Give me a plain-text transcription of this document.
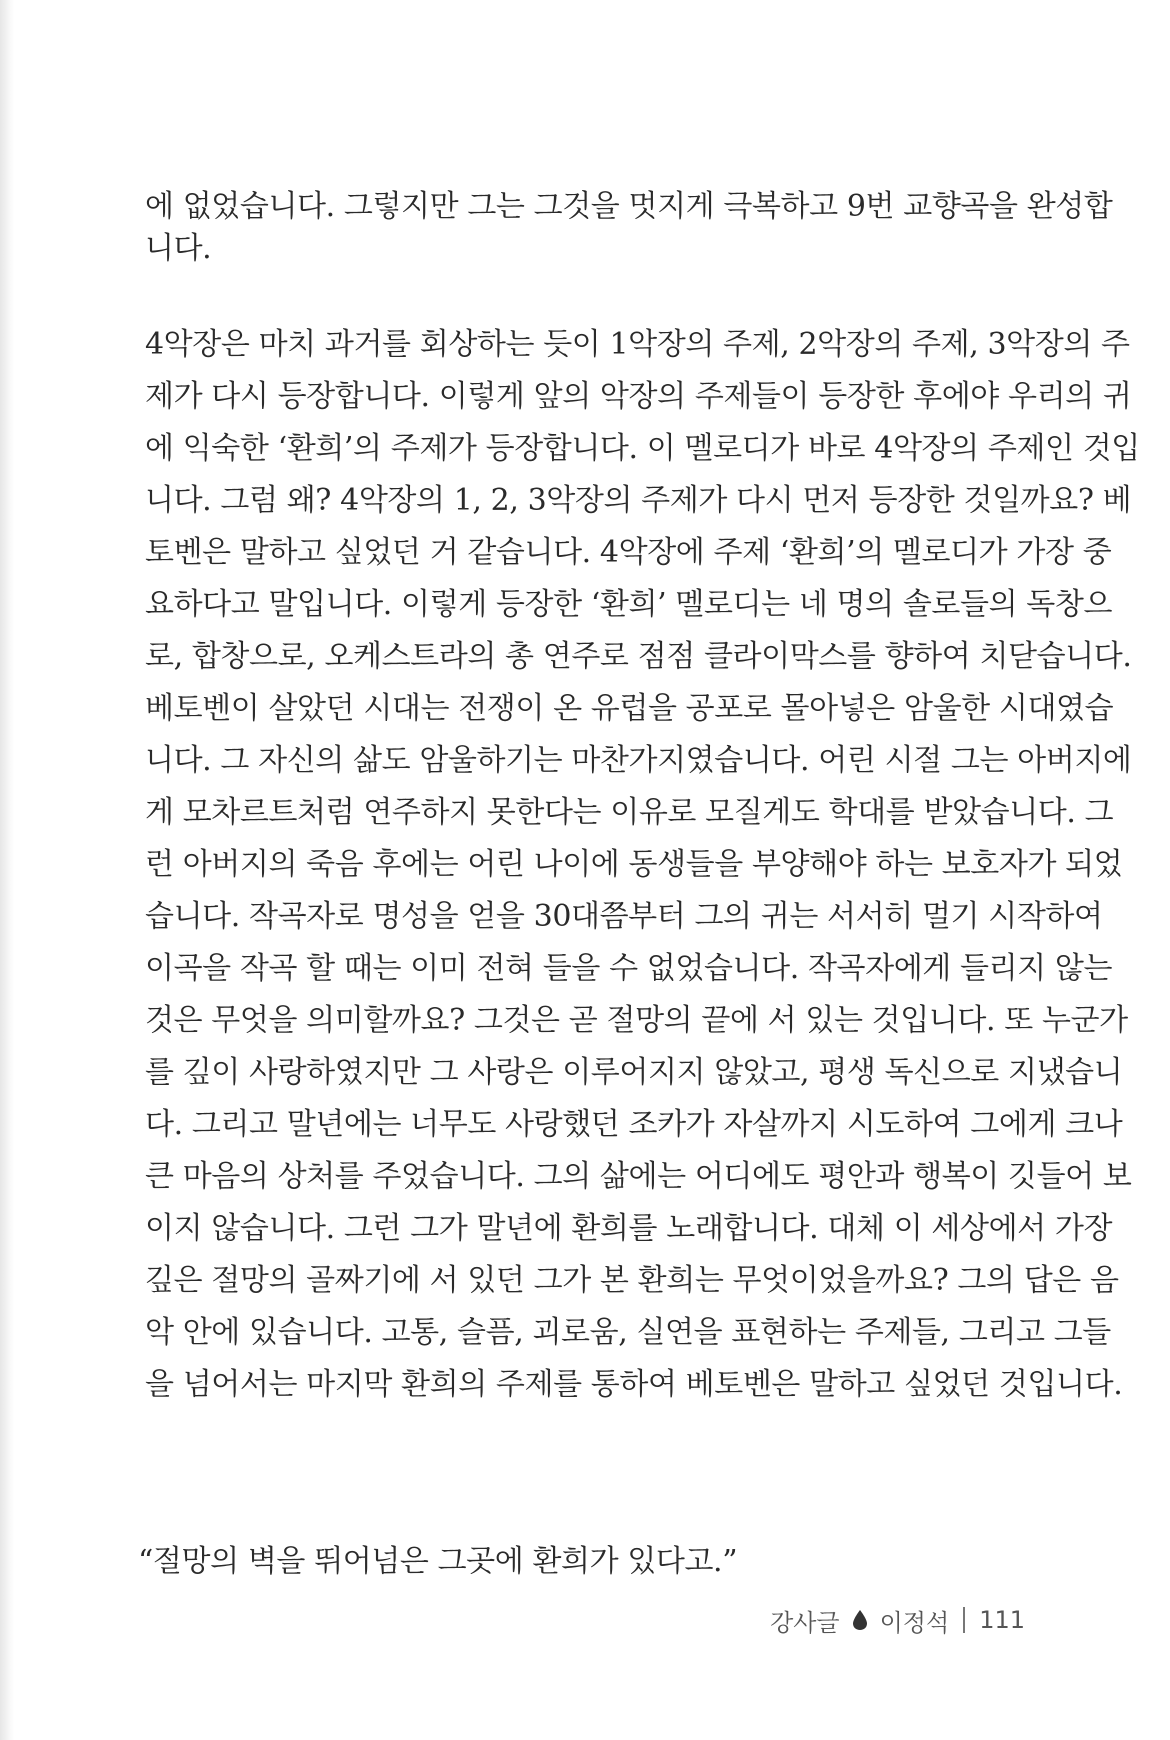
에 없었습니다. 그렇지만 그는 그것을 멋지게 극복하고 9번 교향곡을 완성합

니다.

4악장은 마치 과거를 회상하는 듯이 1악장의 주제, 2악장의 주제, 3악장의 주

제가 다시 등장합니다. 이렇게 앞의 악장의 주제들이 등장한 후에야 우리의 귀

에 익숙한 ‘환희’의 주제가 등장합니다. 이 멜로디가 바로 4악장의 주제인 것입

니다. 그럼 왜? 4악장의 1, 2, 3악장의 주제가 다시 먼저 등장한 것일까요? 베

토벤은 말하고 싶었던 거 같습니다. 4악장에 주제 ‘환희’의 멜로디가 가장 중

요하다고 말입니다. 이렇게 등장한 ‘환희’ 멜로디는 네 명의 솔로들의 독창으

로, 합창으로, 오케스트라의 총 연주로 점점 클라이막스를 향하여 치닫습니다.

베토벤이 살았던 시대는 전쟁이 온 유럽을 공포로 몰아넣은 암울한 시대였습

니다. 그 자신의 삶도 암울하기는 마찬가지였습니다. 어린 시절 그는 아버지에

게 모차르트처럼 연주하지 못한다는 이유로 모질게도 학대를 받았습니다. 그

런 아버지의 죽음 후에는 어린 나이에 동생들을 부양해야 하는 보호자가 되었

습니다. 작곡자로 명성을 얻을 30대쯤부터 그의 귀는 서서히 멀기 시작하여

이곡을 작곡 할 때는 이미 전혀 들을 수 없었습니다. 작곡자에게 들리지 않는

것은 무엇을 의미할까요? 그것은 곧 절망의 끝에 서 있는 것입니다. 또 누군가

를 깊이 사랑하였지만 그 사랑은 이루어지지 않았고, 평생 독신으로 지냈습니

다. 그리고 말년에는 너무도 사랑했던 조카가 자살까지 시도하여 그에게 크나

큰 마음의 상처를 주었습니다. 그의 삶에는 어디에도 평안과 행복이 깃들어 보

이지 않습니다. 그런 그가 말년에 환희를 노래합니다. 대체 이 세상에서 가장

깊은 절망의 골짜기에 서 있던 그가 본 환희는 무엇이었을까요? 그의 답은 음

악 안에 있습니다. 고통, 슬픔, 괴로움, 실연을 표현하는 주제들, 그리고 그들

을 넘어서는 마지막 환희의 주제를 통하여 베토벤은 말하고 싶었던 것입니다.

“절망의 벽을 뛰어넘은 그곳에 환희가 있다고.”
강사글 이정석 111
